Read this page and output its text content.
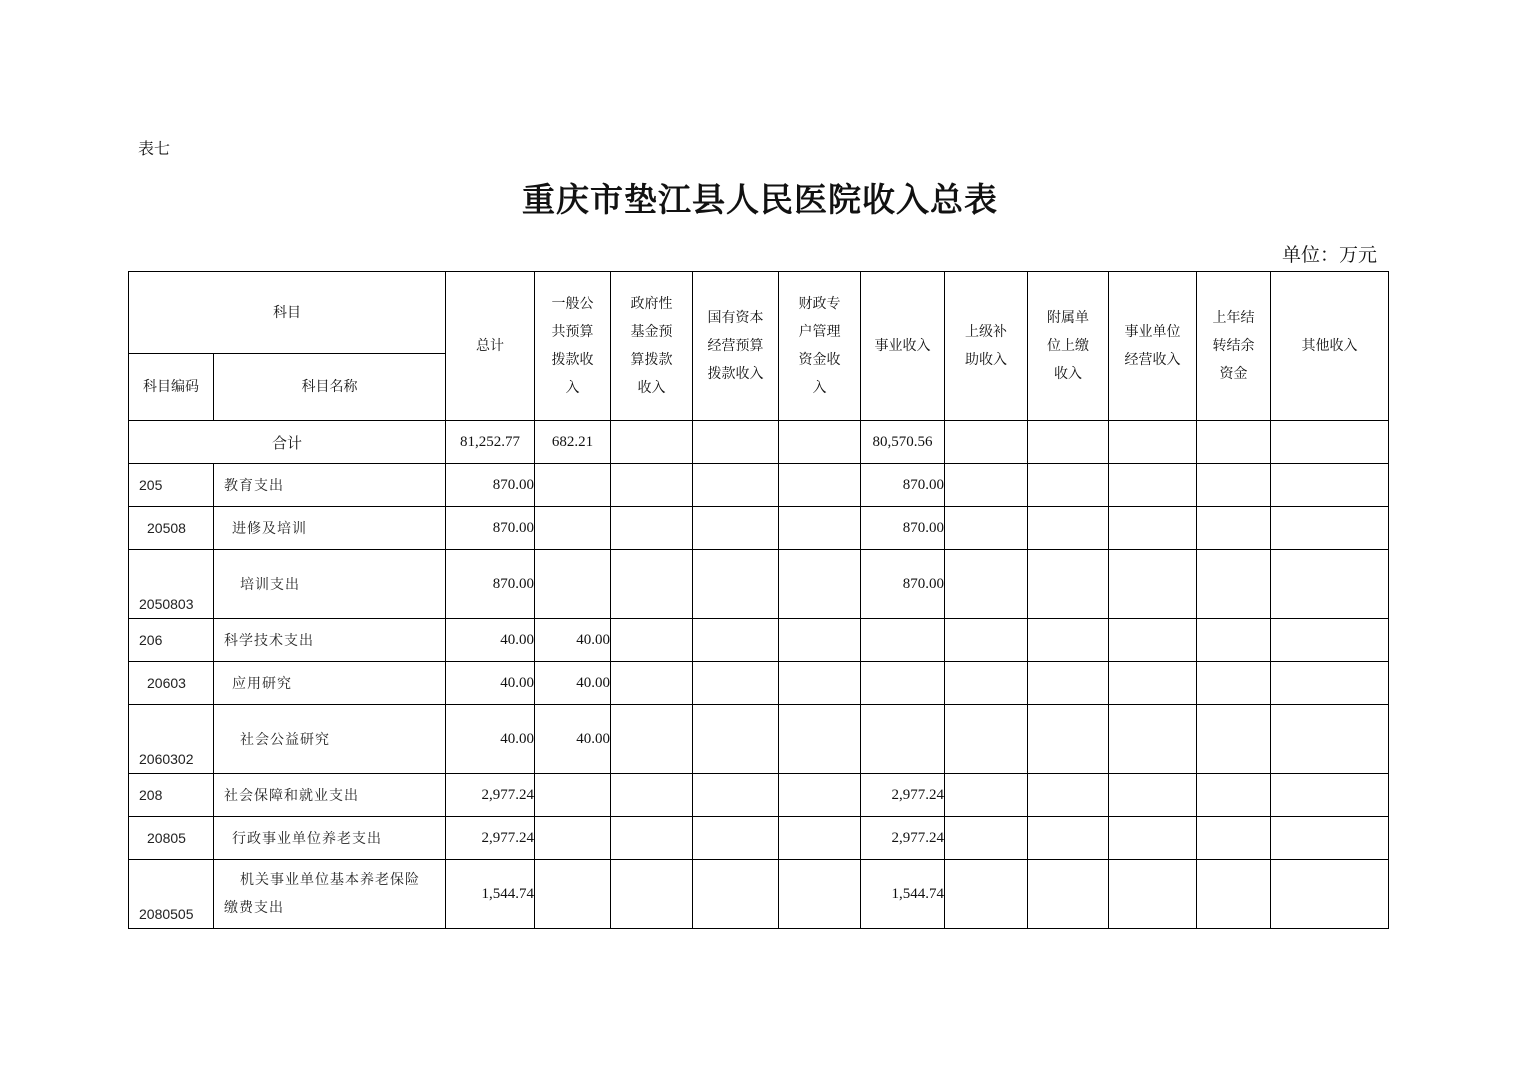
表七
重庆市垫江县人民医院收入总表
单位：万元
科目		总计	一般公
共预算
拨款收
入	政府性
基金预
算拨款
收入	国有资本
经营预算
拨款收入	财政专
户管理
资金收
入	事业收入	上级补
助收入	附属单
位上缴
收入	事业单位
经营收入	上年结
转结余
资金	其他收入
科目编码	科目名称											
合计		81,252.77	682.21				80,570.56					
205	教育支出	870.00					870.00					
20508	进修及培训	870.00					870.00					
2050803	培训支出	870.00					870.00					
206	科学技术支出	40.00	40.00									
20603	应用研究	40.00	40.00									
2060302	社会公益研究	40.00	40.00									
208	社会保障和就业支出	2,977.24					2,977.24					
20805	行政事业单位养老支出	2,977.24					2,977.24					
2080505	机关事业单位基本养老保险
缴费支出	1,544.74					1,544.74					
